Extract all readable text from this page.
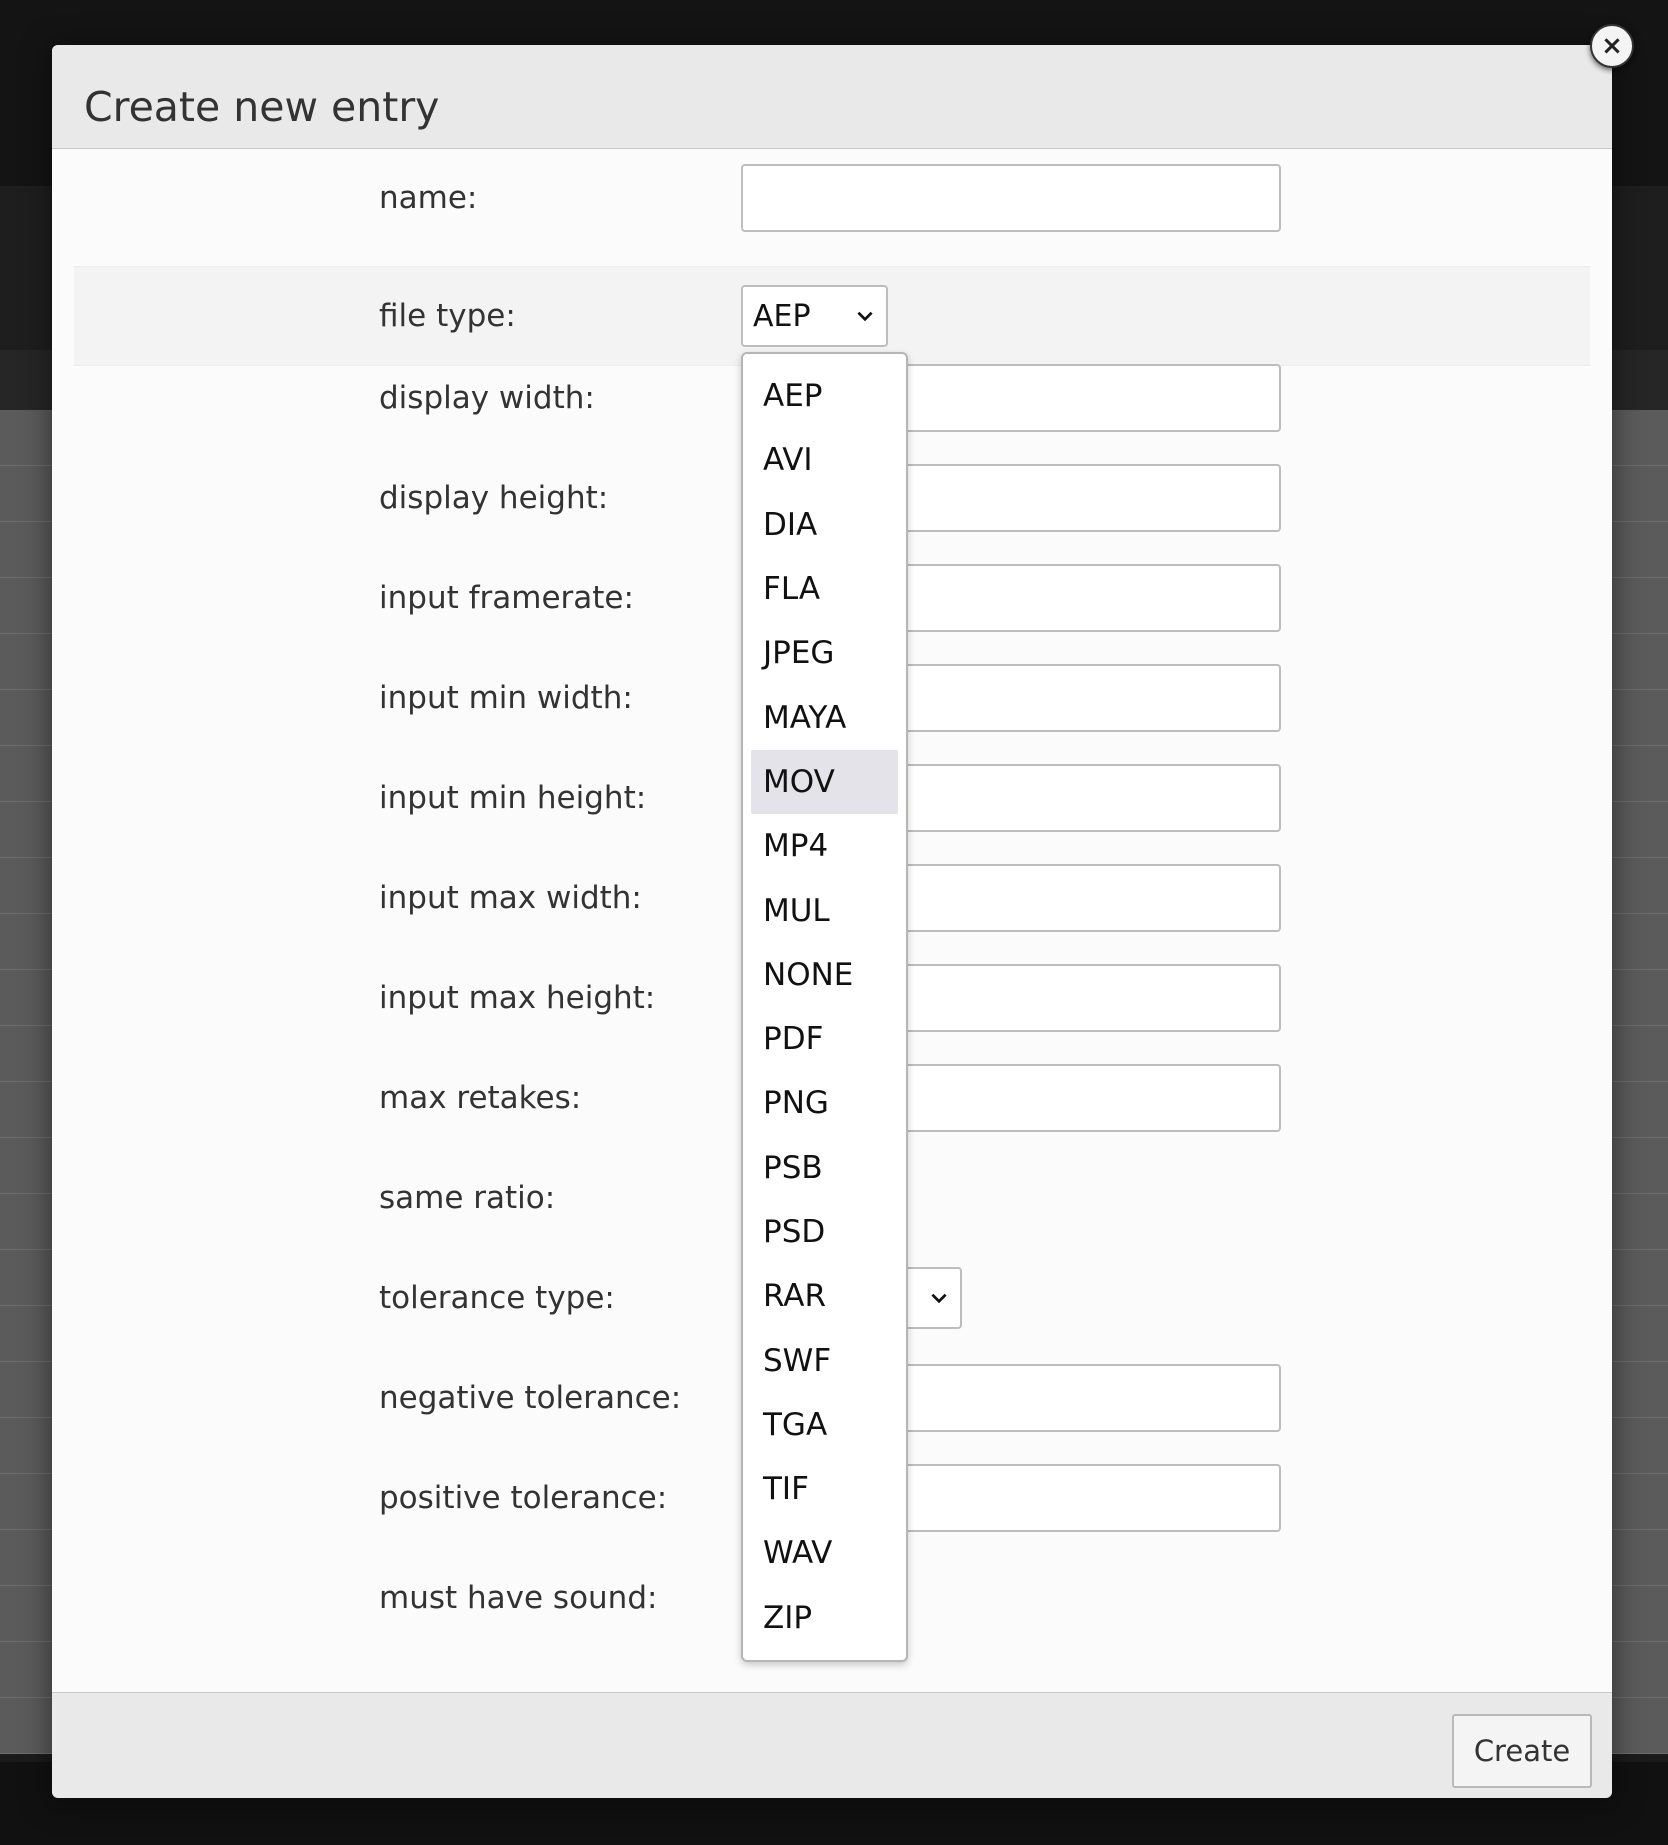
×
Create new entry
name:
file type:	AEP
display width:
display height:
input framerate:
input min width:
input min height:
input max width:
input max height:
max retakes:
same ratio:
tolerance type:
negative tolerance:
positive tolerance:
must have sound:
AEP
AVI
DIA
FLA
JPEG
MAYA
MOV
MP4
MUL
NONE
PDF
PNG
PSB
PSD
RAR
SWF
TGA
TIF
WAV
ZIP
Create
